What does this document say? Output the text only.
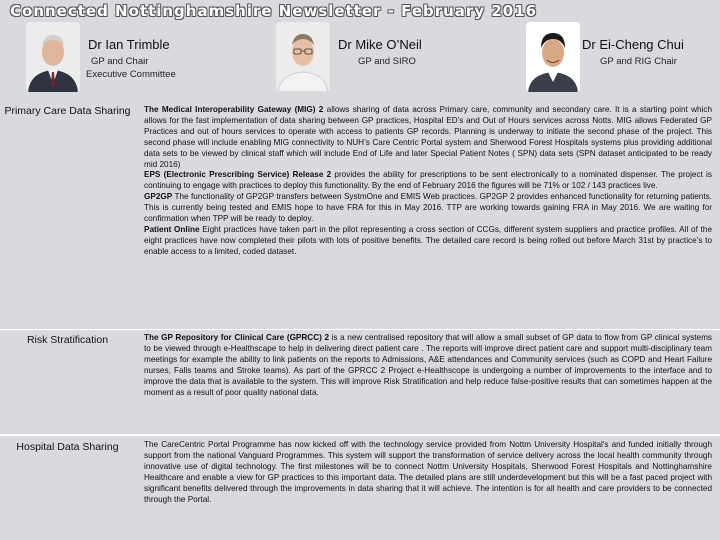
Connected Nottinghamshire Newsletter - February 2016
Dr Ian Trimble
GP and Chair
Executive Committee
Dr Mike O’Neil
GP and SIRO
Dr Ei-Cheng Chui
GP and RIG Chair
Primary Care Data Sharing	The Medical Interoperability Gateway (MIG) 2 allows sharing of data across Primary care, community and secondary care. It is a starting point which allows for the fast implementation of data sharing between GP practices, Hospital ED’s and Out of Hours services across Notts. MIG allows Federated GP Practices and out of hours services to operate with access to patients GP records. Planning is underway to initiate the second phase of the project. This second phase will include enabling MIG connectivity to NUH’s Care Centric Portal system and Sherwood Forest Hospitals systems plus providing additional data sets to be viewed by clinical staff which will include End of Life and later Special Patient Notes ( SPN) data sets (SPN dataset anticipated to be ready mid 2016)

EPS (Electronic Prescribing Service) Release 2 provides the ability for prescriptions to be sent electronically to a nominated dispenser. The project is continuing to engage with practices to deploy this functionality. By the end of February 2016 the figures will be 71% or 102 / 143 practices live.

GP2GP The functionality of GP2GP transfers between SystmOne and EMIS Web practices. GP2GP 2 provides enhanced functionality for returning patients. This is currently being tested and EMIS hope to have FRA for this in May 2016. TTP are working towards gaining FRA in May 2016. We are waiting for confirmation when TPP will be ready to deploy.

Patient Online Eight practices have taken part in the pilot representing a cross section of CCGs, different system suppliers and practice profiles. All of the eight practices have now completed their pilots with lots of positive benefits. The detailed care record is being rolled out before March 31st by practice’s to enable access to a limited, coded dataset.

Risk Stratification	The GP Repository for Clinical Care (GPRCC) 2 is a new centralised repository that will allow a small subset of GP data to flow from GP clinical systems to be viewed through e-Healthscape to help in delivering direct patient care . The reports will improve direct patient care and support multi-disciplinary team meetings for example the ability to link patients on the reports to Admissions, A&E attendances and Community services (such as COPD and Heart Failure nurses, Falls teams and Stroke teams). As part of the GPRCC 2 Project e-Healthscope is undergoing a number of improvements to the interface and to improve the data that is available to the system. This will improve Risk Stratification and help reduce false-positive results that can sometimes happen at the moment as a result of poor quality national data.

Hospital Data Sharing	The CareCentric Portal Programme has now kicked off with the technology service provided from Nottm University Hospital's and funded initially through support from the national Vanguard Programmes. This system will support the transformation of service delivery across the local health community through innovative use of digital technology. The first milestones will be to connect Nottm University Hospitals, Sherwood Forest Hospitals and Nottinghamshire Healthcare and enable a view for GP practices to this important data. The detailed plans are still underdevelopment but this will be a fast paced project with significant benefits delivered through the improvements in data sharing that it will achieve. The intention is for all health and care providers to be connected through the Portal.
